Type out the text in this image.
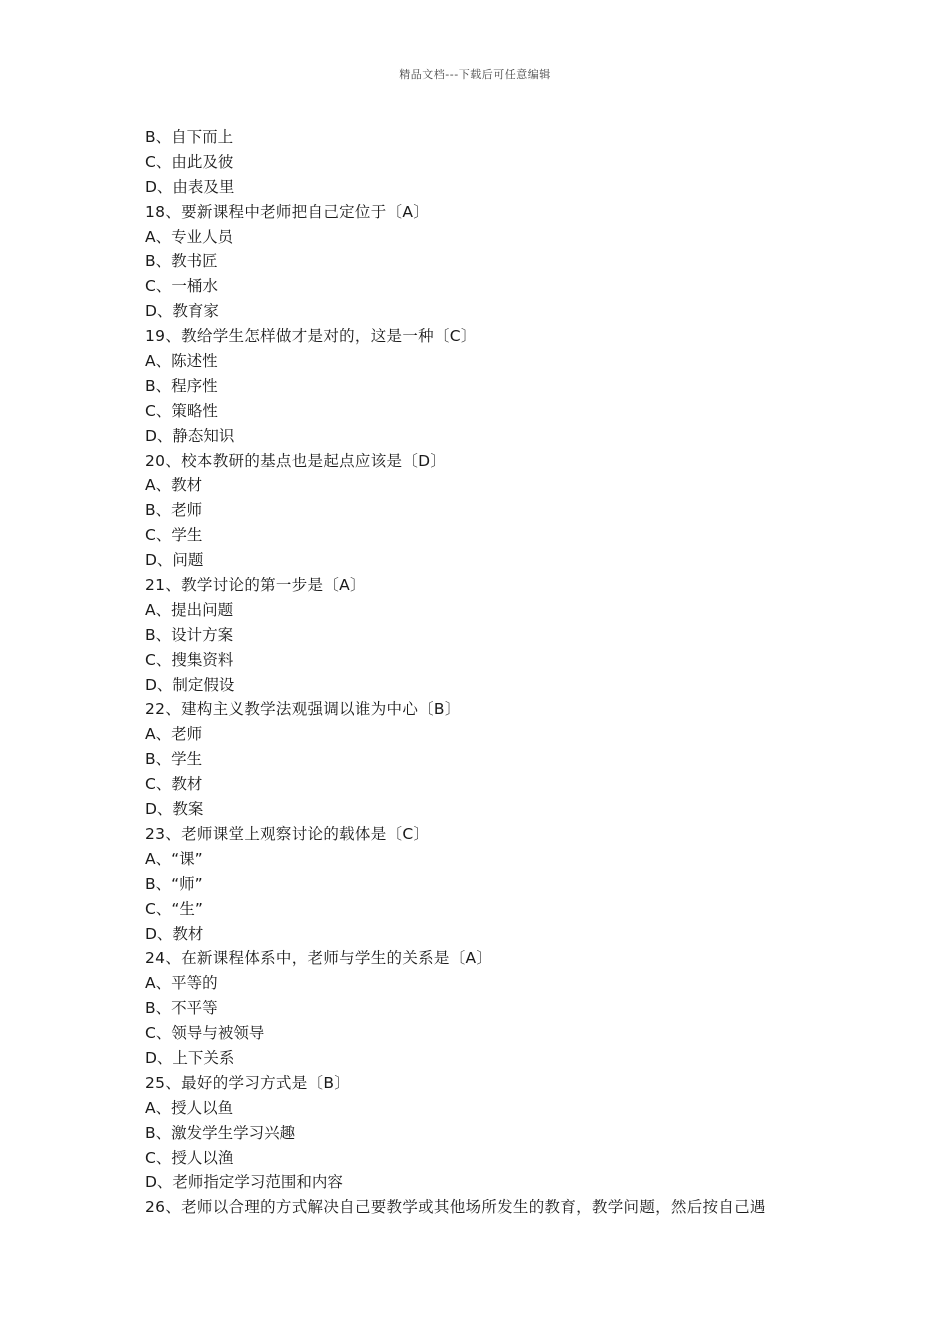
精品文档---下载后可任意编辑
B、自下而上
C、由此及彼
D、由表及里
18、要新课程中老师把自己定位于〔A〕
A、专业人员
B、教书匠
C、一桶水
D、教育家
19、教给学生怎样做才是对的，这是一种〔C〕
A、陈述性
B、程序性
C、策略性
D、静态知识
20、校本教研的基点也是起点应该是〔D〕
A、教材
B、老师
C、学生
D、问题
21、教学讨论的第一步是〔A〕
A、提出问题
B、设计方案
C、搜集资料
D、制定假设
22、建构主义教学法观强调以谁为中心〔B〕
A、老师
B、学生
C、教材
D、教案
23、老师课堂上观察讨论的载体是〔C〕
A、“课”
B、“师”
C、“生”
D、教材
24、在新课程体系中，老师与学生的关系是〔A〕
A、平等的
B、不平等
C、领导与被领导
D、上下关系
25、最好的学习方式是〔B〕
A、授人以鱼
B、激发学生学习兴趣
C、授人以渔
D、老师指定学习范围和内容
26、老师以合理的方式解决自己要教学或其他场所发生的教育，教学问题，然后按自己遇
